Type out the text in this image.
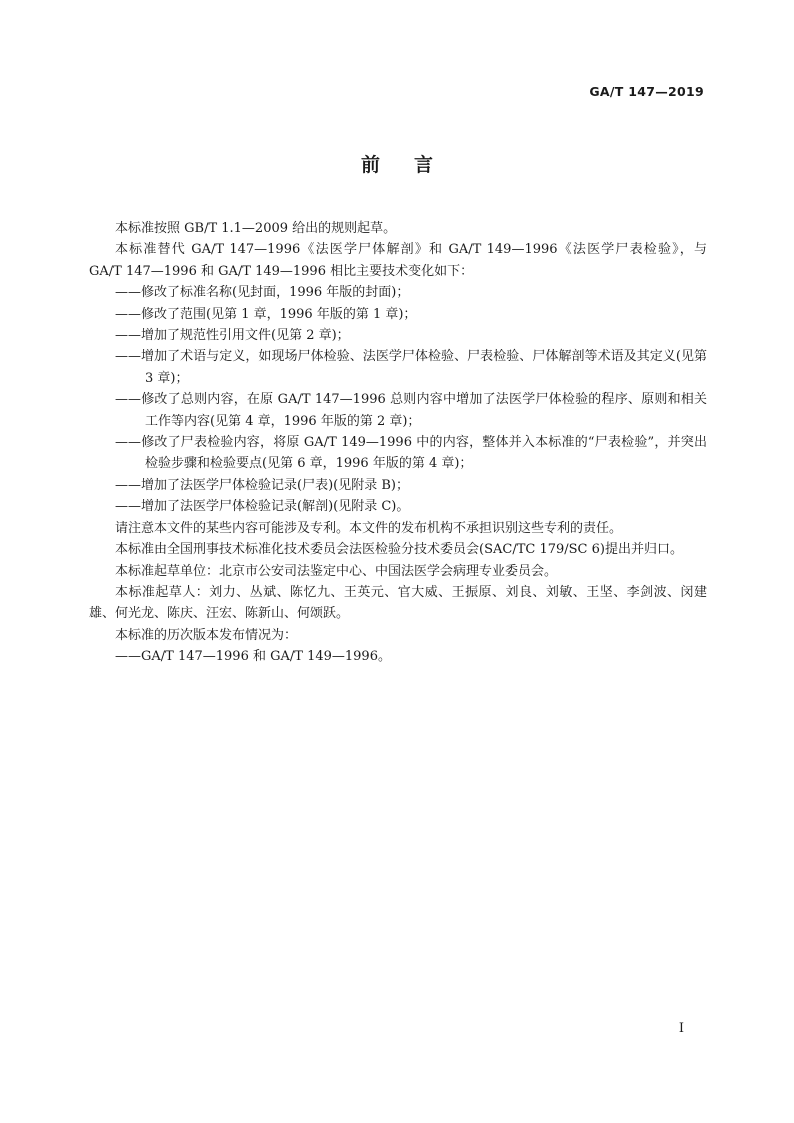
GA/T 147—2019
前言

本标准按照 GB/T 1.1—2009 给出的规则起草。

本标准替代 GA/T 147—1996《法医学尸体解剖》和 GA/T 149—1996《法医学尸表检验》，与 GA/T 147—1996 和 GA/T 149—1996 相比主要技术变化如下：

——修改了标准名称(见封面，1996 年版的封面)；

——修改了范围(见第 1 章，1996 年版的第 1 章)；

——增加了规范性引用文件(见第 2 章)；

——增加了术语与定义，如现场尸体检验、法医学尸体检验、尸表检验、尸体解剖等术语及其定义(见第 3 章)；

——修改了总则内容，在原 GA/T 147—1996 总则内容中增加了法医学尸体检验的程序、原则和相关工作等内容(见第 4 章，1996 年版的第 2 章)；

——修改了尸表检验内容，将原 GA/T 149—1996 中的内容，整体并入本标准的“尸表检验”，并突出检验步骤和检验要点(见第 6 章，1996 年版的第 4 章)；

——增加了法医学尸体检验记录(尸表)(见附录 B)；

——增加了法医学尸体检验记录(解剖)(见附录 C)。

请注意本文件的某些内容可能涉及专利。本文件的发布机构不承担识别这些专利的责任。

本标准由全国刑事技术标准化技术委员会法医检验分技术委员会(SAC/TC 179/SC 6)提出并归口。

本标准起草单位：北京市公安司法鉴定中心、中国法医学会病理专业委员会。

本标准起草人：刘力、丛斌、陈忆九、王英元、官大威、王振原、刘良、刘敏、王坚、李剑波、闵建雄、何光龙、陈庆、汪宏、陈新山、何颂跃。

本标准的历次版本发布情况为：

——GA/T 147—1996 和 GA/T 149—1996。

I
